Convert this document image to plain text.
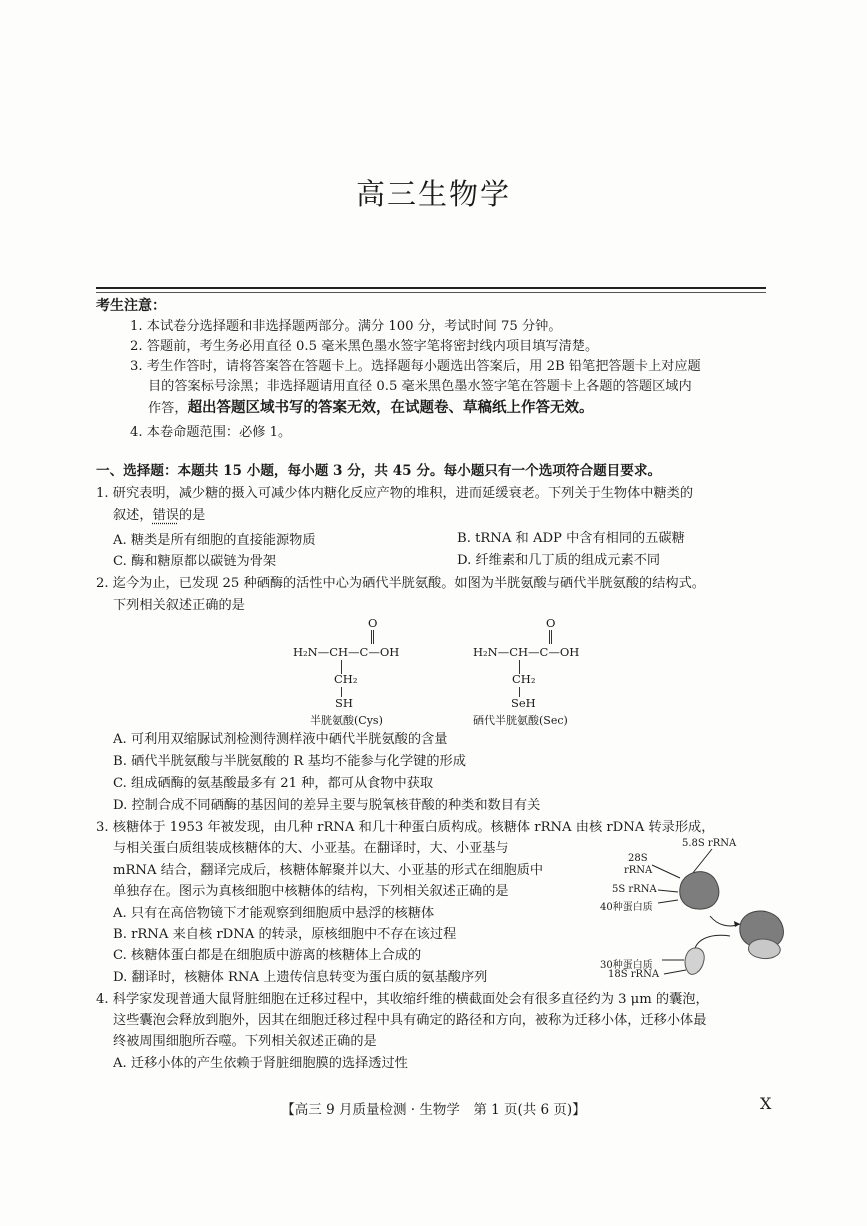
高三生物学
考生注意：
1. 本试卷分选择题和非选择题两部分。满分 100 分，考试时间 75 分钟。
2. 答题前，考生务必用直径 0.5 毫米黑色墨水签字笔将密封线内项目填写清楚。
3. 考生作答时，请将答案答在答题卡上。选择题每小题选出答案后，用 2B 铅笔把答题卡上对应题
目的答案标号涂黑；非选择题请用直径 0.5 毫米黑色墨水签字笔在答题卡上各题的答题区域内
作答，超出答题区域书写的答案无效，在试题卷、草稿纸上作答无效。
4. 本卷命题范围：必修 1。
一、选择题：本题共 15 小题，每小题 3 分，共 45 分。每小题只有一个选项符合题目要求。
1. 研究表明，减少糖的摄入可减少体内糖化反应产物的堆积，进而延缓衰老。下列关于生物体中糖类的
叙述，错误的是
A. 糖类是所有细胞的直接能源物质	B. tRNA 和 ADP 中含有相同的五碳糖
C. 酶和糖原都以碳链为骨架	D. 纤维素和几丁质的组成元素不同
2. 迄今为止，已发现 25 种硒酶的活性中心为硒代半胱氨酸。如图为半胱氨酸与硒代半胱氨酸的结构式。
下列相关叙述正确的是
O
H₂N—CH—C—OH
CH₂
SH
半胱氨酸(Cys)
O
H₂N—CH—C—OH
CH₂
SeH
硒代半胱氨酸(Sec)
A. 可利用双缩脲试剂检测待测样液中硒代半胱氨酸的含量
B. 硒代半胱氨酸与半胱氨酸的 R 基均不能参与化学键的形成
C. 组成硒酶的氨基酸最多有 21 种，都可从食物中获取
D. 控制合成不同硒酶的基因间的差异主要与脱氧核苷酸的种类和数目有关
3. 核糖体于 1953 年被发现，由几种 rRNA 和几十种蛋白质构成。核糖体 rRNA 由核 rDNA 转录形成，
与相关蛋白质组装成核糖体的大、小亚基。在翻译时，大、小亚基与
mRNA 结合，翻译完成后，核糖体解聚并以大、小亚基的形式在细胞质中
单独存在。图示为真核细胞中核糖体的结构，下列相关叙述正确的是
A. 只有在高倍物镜下才能观察到细胞质中悬浮的核糖体
B. rRNA 来自核 rDNA 的转录，原核细胞中不存在该过程
C. 核糖体蛋白都是在细胞质中游离的核糖体上合成的
D. 翻译时，核糖体 RNA 上遗传信息转变为蛋白质的氨基酸序列
5.8S rRNA
28S
rRNA
5S rRNA
40种蛋白质
30种蛋白质
18S rRNA
4. 科学家发现普通大鼠肾脏细胞在迁移过程中，其收缩纤维的横截面处会有很多直径约为 3 μm 的囊泡，
这些囊泡会释放到胞外，因其在细胞迁移过程中具有确定的路径和方向，被称为迁移小体，迁移小体最
终被周围细胞所吞噬。下列相关叙述正确的是
A. 迁移小体的产生依赖于肾脏细胞膜的选择透过性
【高三 9 月质量检测 · 生物学　第 1 页(共 6 页)】	X
